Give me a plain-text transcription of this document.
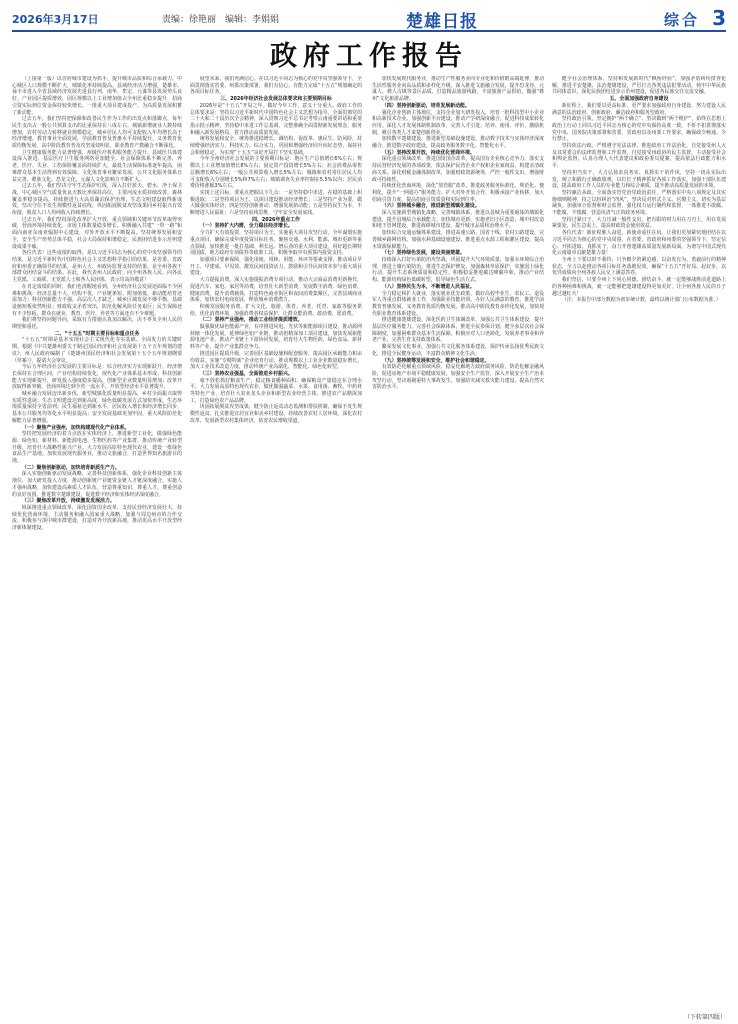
2026年3月17日	责编：徐艳丽　编辑：李娟娟	楚雄日报	综合 3
政府工作报告

（上接第一版）以首府城市建设为抓手，提升城市品质和综合承载力，中心城区人口规模不断扩大，城镇化率持续提高。县域经济活力增强，楚雄市、禄丰市进入全省县域经济发展先进县行列，南华、牟定、元谋等县发展势头良好。产业园区提质增效，园区规模以上工业增加值占全州比重稳步提升，招商引资实际到位资金保持较快增长，一批重大项目建成投产，为高质量发展积蓄了新动能。

过去五年，我们坚持把保障和改善民生作为工作的出发点和落脚点，每年民生支出占一般公共预算支出的比重保持在八成左右。城镇新增就业人数持续增加，农村劳动力转移就业规模稳定，城乡居民人均可支配收入年均增长高于经济增速。教育事业全面发展，学前教育普及普惠水平持续提升，义务教育优质均衡发展，高中阶段教育普及攻坚成效明显，职业教育产教融合不断深化。

卫生健康服务能力显著增强，州级医疗机构服务能力提升，县域医共体建设深入推进，基层医疗卫生服务网络更加健全。社会保障体系不断完善，养老、医疗、失业、工伤保险覆盖面持续扩大，最低生活保障标准逐年提高，困难群众基本生活得到有效保障。文化体育事业繁荣发展，公共文化服务体系日益完善，彝族文化、恐龙文化、元谋人文化影响力不断扩大。

过去五年，我们坚决守牢生态保护红线，深入打好蓝天、碧水、净土保卫战，中心城区空气质量优良天数比率保持高位，主要河流水质持续改善，森林覆盖率稳步提高。持续推进九大高原湖泊保护治理，生态文明建设取得新成效。坚决守住不发生规模性返贫底线，巩固拓展脱贫攻坚成果同乡村振兴有效衔接，脱贫人口人均纯收入持续增长。

过去五年，我们坚持深化改革扩大开放，重点领域和关键环节改革取得突破，营商环境持续优化，市场主体数量稳步增长。积极融入共建“一带一路”和面向南亚东南亚辐射中心建设，对外开放水平不断提高。坚持统筹发展和安全，安全生产形势总体平稳，社会大局保持和谐稳定，民族团结进步示范州建设成果丰硕。

各位代表！这些成绩的取得，是以习近平同志为核心的党中央坚强领导的结果，是习近平新时代中国特色社会主义思想科学指引的结果，是省委、省政府和州委正确领导的结果，是州人大、州政协监督支持的结果，是全州各族干部群众团结奋斗的结果。在此，我代表州人民政府，向全州各族人民，向各民主党派、工商联、无党派人士和各人民团体，表示崇高的敬意！

在肯定成绩的同时，我们也清醒地看到，全州经济社会发展还面临不少困难和挑战：经济总量不大、结构不优，产业链条短、附加值低，新动能培育还需加力；科技创新能力不强，高层次人才缺乏；城乡区域发展不够平衡，基础设施短板依然明显；财政收支矛盾突出，防范化解风险任务艰巨；民生保障还有不少短板，群众在就业、教育、医疗、养老等方面还有不少难题。

我们将坚持问题导向，采取有力措施认真加以解决，决不辜负全州人民的期望和重托。

二、“十五五”时期主要目标和重点任务

“十五五”时期是基本实现社会主义现代化夯实基础、全面发力的关键时期。根据《中共楚雄州委关于制定国民经济和社会发展第十五个五年规划的建议》，州人民政府编制了《楚雄州国民经济和社会发展第十五个五年规划纲要（草案）》，提请大会审议。

今后五年经济社会发展的主要目标是：综合经济实力实现新跃升，经济增长保持在合理区间，产业结构持续优化，现代化产业体系基本形成；科技创新能力实现新提升，研发投入强度稳步提高，创新型企业数量明显增加；改革开放取得新突破，营商环境达到全省一流水平，开放型经济水平显著提升。

城乡融合发展迈出新步伐，新型城镇化质量明显提高，乡村全面振兴取得实质性进展；生态文明建设达到新高度，绿色低碳发展方式加快形成，生态环境质量保持全省前列；民生福祉达到新水平，居民收入增长和经济增长同步，基本公共服务均等化水平明显提高；安全发展基础更加牢固，重大风险防范化解能力显著增强。

（一）聚焦产业强州，加快构建现代化产业体系。

坚持把发展经济的着力点放在实体经济上，推进新型工业化，做强绿色能源、绿色铝、新材料、新能源电池、生物医药等产业集群，推动传统产业转型升级，培育壮大战略性新兴产业。大力发展高原特色现代农业，建设一批绿色食品生产基地。加快发展现代服务业，推动文旅融合，打造世界知名旅游目的地。

（二）聚焦创新驱动，加快培育新质生产力。

深入实施创新驱动发展战略，完善科技创新体系，强化企业科技创新主体地位，加大研发投入力度，推动创新链产业链资金链人才链深度融合。实施人才强州战略，加快建设高素质人才队伍，营造尊重知识、尊重人才、尊重创造的良好氛围。推进数字楚雄建设，促进数字经济和实体经济深度融合。

（三）聚焦改革开放，持续激发发展活力。

纵深推进重点领域改革，深化国资国企改革，支持民营经济发展壮大，持续优化营商环境。主动服务和融入国家重大战略，加强与周边州市的合作交流，积极参与滇中城市群建设，打造对外开放新高地，推动更高水平开放型经济新体制建设。

展望未来，我们充满信心。在以习近平同志为核心的党中央坚强领导下，全面贯彻落实省委、州委决策部署，我们有信心、有能力完成“十五五”规划确定的各项目标任务。

三、2026年经济社会发展总体要求和主要预期目标

2026年是“十五五”开局之年，做好今年工作，意义十分重大。政府工作的总体要求是：坚持以习近平新时代中国特色社会主义思想为指导，全面贯彻党的二十大和二十届历次全会精神，深入贯彻习近平总书记考察云南重要讲话和重要指示批示精神，坚持稳中求进工作总基调，完整准确全面贯彻新发展理念，服务和融入新发展格局，着力推动高质量发展。

统筹发展和安全，统筹推进稳增长、调结构、促改革、惠民生、防风险，持续增强经济实力、科技实力、综合实力，巩固和增强经济回升向好态势，保持社会和谐稳定，为实现“十五五”良好开局打下坚实基础。

今年全州经济社会发展的主要预期目标是：地区生产总值增长6%左右；规模以上工业增加值增长8%左右；固定资产投资增长5%左右；社会消费品零售总额增长6%左右；一般公共预算收入增长5%左右；城镇和农村常住居民人均可支配收入分别增长5%和7%左右；城镇调查失业率控制在5.5%以内；居民消费价格涨幅3%左右。

实现上述目标，要重点把握以下几点：一是坚持稳中求进，在稳的基础上积极进取；二是坚持项目为王，以项目建设推动经济增长；三是坚持产业为要，做大做强实体经济；四是坚持创新驱动，增强发展新动能；五是坚持民生为本，不断增进人民福祉；六是坚持底线思维，守牢安全发展底线。

四、2026年重点工作

（一）坚持扩大内需，全力稳住经济增长。

全力扩大有效投资。坚持项目为王，实施重大项目攻坚行动，全年谋划实施重点项目，确保完成年度投资目标任务。聚焦交通、水利、能源、城市更新等重点领域，加快推进一批打基础、利长远、增后劲的重大项目建设。用好超长期特别国债、地方政府专项债券等政策工具，积极争取中央预算内投资支持。

加强项目要素保障，强化用地、用林、用能、环评等要素支撑，推动项目早开工、早建成、早见效。激发民间投资活力，鼓励和引导民间资本参与重大项目建设。

大力提振消费。深入实施提振消费专项行动，推动大宗商品消费更新换代，促进汽车、家电、家居等消费，培育壮大新型消费，发展数字消费、绿色消费、健康消费。提升消费载体，打造特色商业街区和夜间消费集聚区，完善县域商业体系，加快农村电商发展，释放城乡消费潜力。

积极发展服务消费，扩大文化、旅游、体育、养老、托育、家政等服务供给，优化消费环境，加强消费者权益保护，让群众能消费、敢消费、愿消费。

（二）坚持产业强州，推动工业经济提质增效。

做强做优绿色能源产业，有序推进风电、光伏等新能源项目建设，推动源网荷储一体化发展。延伸绿色铝产业链，推动铝精深加工项目建设。加快发展新能源电池产业，推动产业链上下游协同发展。培育壮大生物医药、绿色食品、新材料等产业，提升产业集群竞争力。

推进园区提质升级，完善园区基础设施和配套服务，提高园区承载能力和亩均效益。实施“专精特新”企业培育行动，推动规模以上工业企业数量稳步增长。加大工业技术改造力度，推动传统产业高端化、智能化、绿色化转型。

（三）坚持农业强基，全面推进乡村振兴。

毫不放松抓好粮食生产，稳定粮食播种面积，确保粮食产量稳定在合理水平。大力发展高原特色现代农业，做优做强蔬菜、水果、食用菌、畜牧、中药材等特色产业，培育壮大农业龙头企业和新型农业经营主体，推进农产品精深加工，打造绿色农产品品牌。

巩固拓展脱贫攻坚成果，健全防止返贫动态监测和帮扶机制，确保不发生规模性返贫。扎实推进宜居宜业和美乡村建设，持续改善农村人居环境。深化农村改革，发展新型农村集体经济，拓宽农民增收渠道。

加快发展现代服务业，推动生产性服务业向专业化和价值链高端延伸，推动生活性服务业向高品质和多样化升级。深入推进文旅融合发展，提升恐龙谷、元谋人、彝人古镇等景区品质，打造精品旅游线路，丰富旅游产品供给，做强“彝州”文化旅游品牌。

（四）坚持创新驱动，培育发展新动能。

强化企业创新主体地位，支持企业加大研发投入，培育一批科技型中小企业和高新技术企业。加强创新平台建设，推动产学研深度融合，促进科技成果转化应用。深化人才发展体制机制改革，完善人才引进、培养、使用、评价、激励机制，吸引各类人才来楚创新创业。

加快数字楚雄建设，推进新型基础设施建设，推动数字技术与实体经济深度融合，推进数字政府建设，提高政务服务数字化、智能化水平。

（五）坚持改革开放，持续优化营商环境。

深化重点领域改革，推进国资国企改革，提高国有企业核心竞争力。落实支持民营经济发展的各项政策，依法保护民营企业产权和企业家权益，构建亲清政商关系。深化财税金融体制改革，加强财政资源统筹，严控一般性支出，增强财政可持续性。

持续优化营商环境，深化“放管服”改革，推进政务服务标准化、规范化、便利化，提升“一网通办”服务能力。扩大对外开放合作，积极承接产业转移，加大招商引资力度，提高招商引资质量和实际到位率。

（六）坚持城乡融合，推进新型城镇化建设。

深入实施新型城镇化战略，完善城镇体系，推进以县城为重要载体的城镇化建设，提升县城综合承载能力。加快城市更新，实施老旧小区改造、城中村改造和地下管网建设，推进海绵城市建设，提升城市品质和治理水平。

加快综合交通运输体系建设，推进高速公路、国省干线、农村公路建设，完善城乡路网结构。加强水利基础设施建设，推进重点水源工程和灌区建设，提高水资源保障能力。

（七）坚持绿色发展，建设美丽楚雄。

持续深入打好污染防治攻坚战，巩固提升大气环境质量，加强水环境综合治理，推进土壤污染防治。推进生态保护修复，加强森林草原保护，实施国土绿化行动，提升生态系统质量和稳定性。积极稳妥推进碳达峰碳中和，推动产业结构、能源结构绿色低碳转型，倡导绿色生活方式。

（八）坚持民生为本，不断增进人民福祉。

全力稳定和扩大就业，落实就业优先政策，做好高校毕业生、农民工、退役军人等重点群体就业工作，加强职业技能培训。办好人民满意的教育，推进学前教育普惠发展、义务教育优质均衡发展，推动高中阶段教育多样化发展，加快现代职业教育体系建设。

推进健康楚雄建设，深化医药卫生体制改革，加强公共卫生体系建设，提升基层医疗服务能力。完善社会保障体系，推进全民参保计划，健全多层次社会保障制度，加强困难群众基本生活保障。积极应对人口老龄化，发展养老事业和养老产业，完善生育支持政策体系。

繁荣发展文化事业，加强公共文化服务体系建设，保护传承弘扬优秀民族文化，推进全民健身运动，丰富群众精神文化生活。

（九）坚持统筹发展和安全，维护社会和谐稳定。

有效防范化解重点领域风险，稳妥化解地方政府债务风险，防范化解金融风险，促进房地产市场平稳健康发展。加强安全生产监管，深入开展安全生产治本攻坚行动，坚决遏制重特大事故发生。加强防灾减灾救灾能力建设，提高自然灾害防治水平。

健全社会治理体系，坚持和发展新时代“枫桥经验”，加强矛盾纠纷排查化解，推进平安楚雄、法治楚雄建设，严厉打击各类违法犯罪活动。铸牢中华民族共同体意识，深化民族团结进步示范州建设，促进各民族交往交流交融。

五、全面加强政府自身建设

新征程上，我们要以更高标准、更严要求加强政府自身建设，努力建设人民满意的法治政府、创新政府、廉洁政府和服务型政府。

坚持政治引领。坚定拥护“两个确立”、坚决做到“两个维护”，始终在思想上政治上行动上同以习近平同志为核心的党中央保持高度一致，不折不扣贯彻落实党中央、国务院决策部署和省委、省政府以及州委工作要求，确保政令畅通、令行禁止。

坚持依法行政。严格遵守宪法法律，推进政府工作法治化，自觉接受州人大及其常委会的法律监督和工作监督，自觉接受州政协的民主监督，主动接受社会和舆论监督，认真办理人大代表建议和政协委员提案，提高依法行政能力和水平。

坚持担当实干。大力弘扬求真务实、真抓实干的作风，坚持一切从实际出发，树立和践行正确政绩观，以钉钉子精神抓好各项工作落实。加强干部队伍建设，提高政府工作人员的专业能力和综合素质，提升推动高质量发展的本领。

坚持廉洁从政。全面落实管党治党政治责任，严格落实中央八项规定及其实施细则精神，持之以恒纠治“四风”，坚决反对形式主义、官僚主义，切实为基层减负。加强审计监督和财会监督，强化权力运行制约和监督，一体推进不敢腐、不能腐、不想腐，营造风清气正的政务环境。

坚持过紧日子。大力压减一般性支出，把有限的财力用在刀刃上，用在发展紧要处、民生急需上，提高财政资金使用效益。

各位代表！新征程催人奋进，新使命重任在肩。让我们更加紧密地团结在以习近平同志为核心的党中央周围，在省委、省政府和州委的坚强领导下，坚定信心、开拓进取、真抓实干，奋力开创楚雄高质量发展新局面，为谱写中国式现代化云南篇章贡献楚雄力量！

全州上下要以时不我待、只争朝夕的紧迫感，以奋发有为、勇毅前行的精神状态，全力以赴推动各项目标任务落地见效，确保“十五五”开好局、起好步，以优异成绩向全州各族人民交上满意答卷。

我们坚信，只要全州上下同心同德、团结奋斗，就一定能够战胜前进道路上的各种困难和挑战，就一定能够把楚雄建设得更加美好，让全州各族人民的日子越过越红火！

（注：本报告中部分数据为初步统计数，最终以统计部门公布数据为准。）

（下转第四版）
